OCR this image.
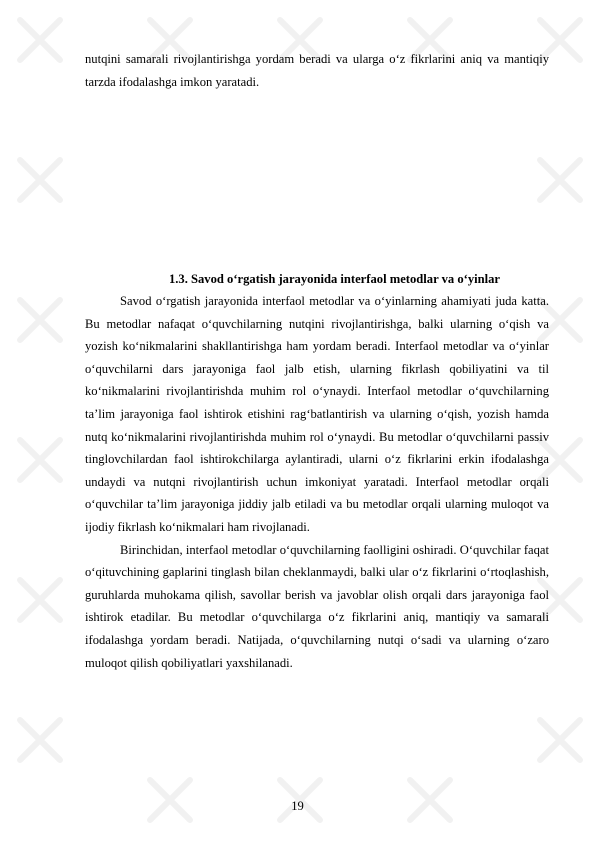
nutqini samarali rivojlantirishga yordam beradi va ularga o‘z fikrlarini aniq va mantiqiy tarzda ifodalashga imkon yaratadi.

1.3. Savod o‘rgatish jarayonida interfaol metodlar va o‘yinlar

Savod o‘rgatish jarayonida interfaol metodlar va o‘yinlarning ahamiyati juda katta. Bu metodlar nafaqat o‘quvchilarning nutqini rivojlantirishga, balki ularning o‘qish va yozish ko‘nikmalarini shakllantirishga ham yordam beradi. Interfaol metodlar va o‘yinlar o‘quvchilarni dars jarayoniga faol jalb etish, ularning fikrlash qobiliyatini va til ko‘nikmalarini rivojlantirishda muhim rol o‘ynaydi. Interfaol metodlar o‘quvchilarning ta’lim jarayoniga faol ishtirok etishini rag‘batlantirish va ularning o‘qish, yozish hamda nutq ko‘nikmalarini rivojlantirishda muhim rol o‘ynaydi. Bu metodlar o‘quvchilarni passiv tinglovchilardan faol ishtirokchilarga aylantiradi, ularni o‘z fikrlarini erkin ifodalashga undaydi va nutqni rivojlantirish uchun imkoniyat yaratadi. Interfaol metodlar orqali o‘quvchilar ta’lim jarayoniga jiddiy jalb etiladi va bu metodlar orqali ularning muloqot va ijodiy fikrlash ko‘nikmalari ham rivojlanadi.

Birinchidan, interfaol metodlar o‘quvchilarning faolligini oshiradi. O‘quvchilar faqat o‘qituvchining gaplarini tinglash bilan cheklanmaydi, balki ular o‘z fikrlarini o‘rtoqlashish, guruhlarda muhokama qilish, savollar berish va javoblar olish orqali dars jarayoniga faol ishtirok etadilar. Bu metodlar o‘quvchilarga o‘z fikrlarini aniq, mantiqiy va samarali ifodalashga yordam beradi. Natijada, o‘quvchilarning nutqi o‘sadi va ularning o‘zaro muloqot qilish qobiliyatlari yaxshilanadi.

19
